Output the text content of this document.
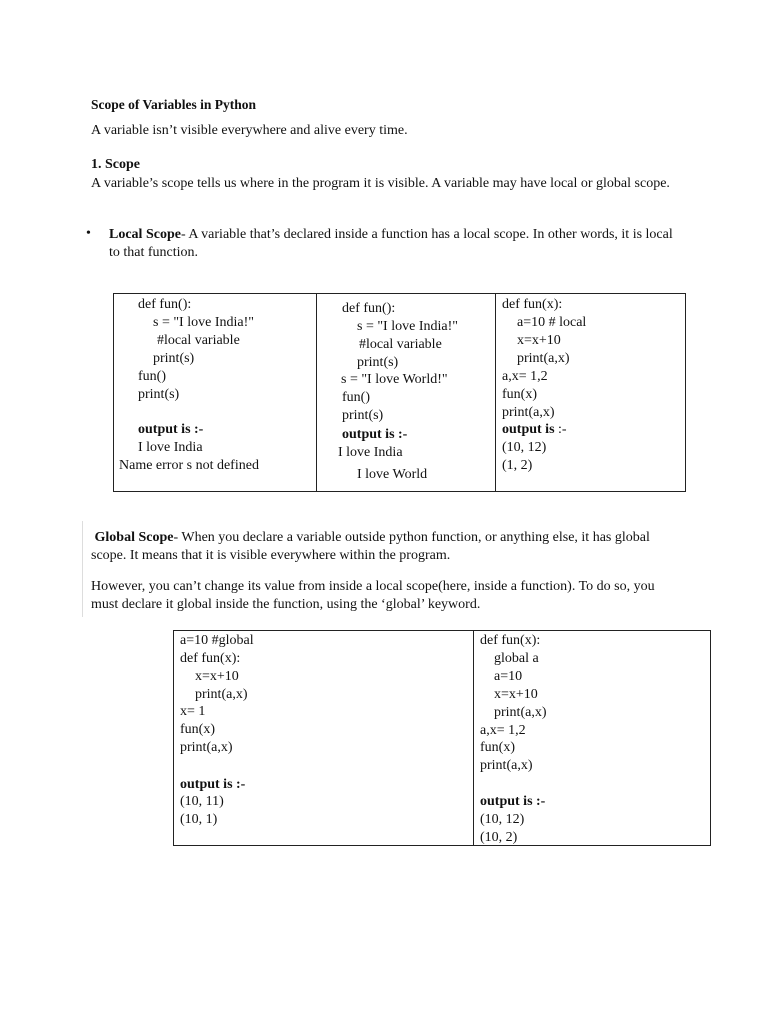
Scope of Variables in Python
A variable isn’t visible everywhere and alive every time.
1. Scope
A variable’s scope tells us where in the program it is visible. A variable may have local or global scope.
• Local Scope- A variable that’s declared inside a function has a local scope. In other words, it is local to that function.
def fun():
s = "I love India!"
#local variable
print(s)
fun()
print(s)
output is :-
I love India
Name error s not defined

def fun():
s = "I love India!"
#local variable
print(s)
s = "I love World!"
fun()
print(s)
output is :-
I love India
I love World

def fun(x):
a=10 # local
x=x+10
print(a,x)
a,x= 1,2
fun(x)
print(a,x)
output is :-
(10, 12)
(1, 2)
Global Scope- When you declare a variable outside python function, or anything else, it has global scope. It means that it is visible everywhere within the program.
However, you can’t change its value from inside a local scope(here, inside a function). To do so, you must declare it global inside the function, using the ‘global’ keyword.
a=10 #global
def fun(x):
x=x+10
print(a,x)
x= 1
fun(x)
print(a,x)
output is :-
(10, 11)
(10, 1)

def fun(x):
global a
a=10
x=x+10
print(a,x)
a,x= 1,2
fun(x)
print(a,x)
output is :-
(10, 12)
(10, 2)
